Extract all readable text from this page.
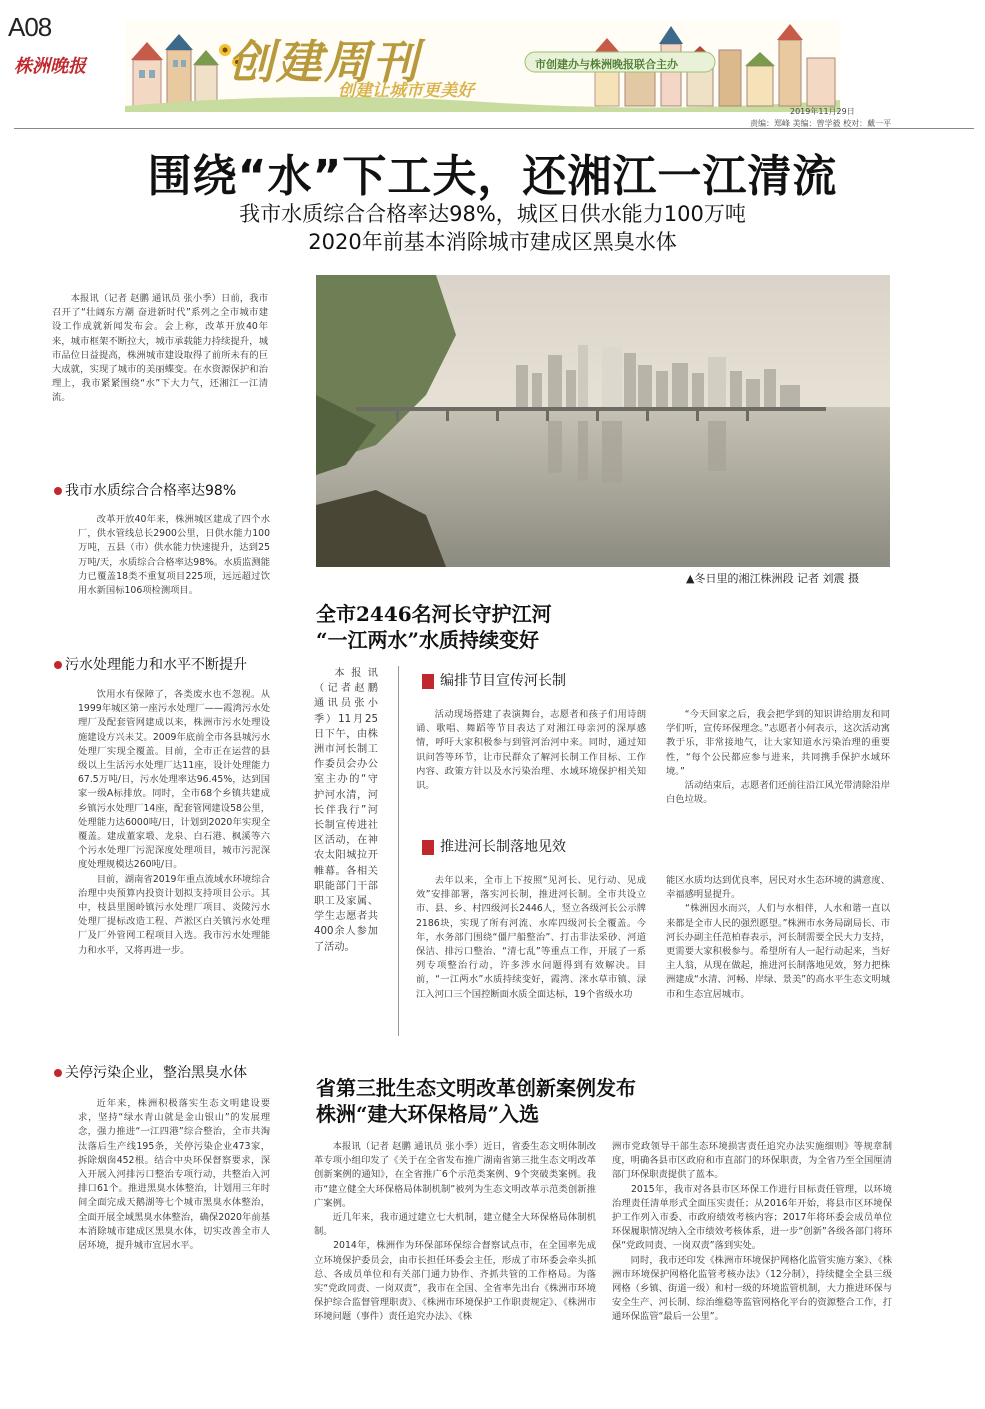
A08
株洲晚报	创建周刊
创建让城市更美好
市创建办与株洲晚报联合主办
2019年11月29日
责编：郑峰 美编：曾学毅 校对：戴一平
围绕“水”下工夫，还湘江一江清流
我市水质综合合格率达98%，城区日供水能力100万吨
2020年前基本消除城市建成区黑臭水体
本报讯（记者 赵鹏 通讯员 张小季）日前，我市召开了“壮阔东方潮 奋进新时代”系列之全市城市建设工作成就新闻发布会。会上称，改革开放40年来，城市框架不断拉大，城市承载能力持续提升，城市品位日益提高，株洲城市建设取得了前所未有的巨大成就，实现了城市的美丽蝶变。在水资源保护和治理上，我市紧紧围绕“水”下大力气，还湘江一江清流。
我市水质综合合格率达98%
改革开放40年来，株洲城区建成了四个水厂，供水管线总长2900公里，日供水能力100万吨，五县（市）供水能力快速提升，达到25万吨/天，水质综合合格率达98%。水质监测能力已覆盖18类不重复项目225项，远远超过饮用水新国标106项检测项目。
污水处理能力和水平不断提升
饮用水有保障了，各类废水也不忽视。从1999年城区第一座污水处理厂——霞湾污水处理厂及配套管网建成以来，株洲市污水处理设施建设方兴未艾。2009年底前全市各县城污水处理厂实现全覆盖。目前，全市正在运营的县级以上生活污水处理厂达11座，设计处理能力67.5万吨/日，污水处理率达96.45%，达到国家一级A标排放。同时，全市68个乡镇共建成乡镇污水处理厂14座，配套管网建设58公里，处理能力达6000吨/日，计划到2020年实现全覆盖。建成董家塅、龙泉、白石港、枫溪等六个污水处理厂污泥深度处理项目，城市污泥深度处理规模达260吨/日。
　　目前，湖南省2019年重点流域水环境综合治理中央预算内投资计划拟支持项目公示。其中，枝县里图岭镇污水处理厂项目、炎陵污水处理厂提标改造工程、芦淞区白关镇污水处理厂及厂外管网工程项目入选。我市污水处理能力和水平，又将再进一步。
关停污染企业，整治黑臭水体
近年来，株洲积极落实生态文明建设要求，坚持“绿水青山就是金山银山”的发展理念，强力推进“一江四港”综合整治，全市共淘汰落后生产线195条，关停污染企业473家，拆除烟囱452根。结合中央环保督察要求，深入开展入河排污口整治专项行动，共整治入河排口61个。推进黑臭水体整治，计划用三年时间全面完成天鹅湖等七个城市黑臭水体整治，全面开展全域黑臭水体整治，确保2020年前基本消除城市建成区黑臭水体，切实改善全市人居环境，提升城市宜居水平。
▲冬日里的湘江株洲段 记者 刘震 摄
全市2446名河长守护江河
“一江两水”水质持续变好
本报讯（记者赵鹏 通讯员张小季）11月25日下午，由株洲市河长制工作委员会办公室主办的“守护河水清，河长伴我行”河长制宣传进社区活动，在神农太阳城拉开帷幕。各相关职能部门干部职工及家属、学生志愿者共400余人参加了活动。
编排节目宣传河长制
活动现场搭建了表演舞台，志愿者和孩子们用诗朗诵、歌唱、舞蹈等节目表达了对湘江母亲河的深厚感情，呼吁大家积极参与到管河治河中来。同时，通过知识问答等环节，让市民群众了解河长制工作目标、工作内容、政策方针以及水污染治理、水域环境保护相关知识。
“今天回家之后，我会把学到的知识讲给朋友和同学们听，宣传环保理念。”志愿者小何表示，这次活动寓教于乐，非常接地气，让大家知道水污染治理的重要性，“每个公民都应参与进来，共同携手保护水域环境。”
　　活动结束后，志愿者们还前往沿江风光带清除沿岸白色垃圾。
推进河长制落地见效
去年以来，全市上下按照“见河长、见行动、见成效”安排部署，落实河长制，推进河长制。全市共设立市、县、乡、村四级河长2446人，竖立各级河长公示牌2186块，实现了所有河流、水库四级河长全覆盖。今年，水务部门围绕“僵尸船整治”、打击非法采砂、河道保洁、排污口整治、“清七乱”等重点工作，开展了一系列专项整治行动，许多涉水问题得到有效解决。目前，“一江两水”水质持续变好，霞湾、洣水草市镇、渌江入河口三个国控断面水质全面达标，19个省级水功
能区水质均达到优良率，居民对水生态环境的满意度、幸福感明显提升。
　　“株洲因水而兴，人们与水相伴，人水和谐一直以来都是全市人民的强烈愿望。”株洲市水务局副局长、市河长办副主任范柏春表示，河长制需要全民大力支持，更需要大家积极参与。希望所有人一起行动起来，当好主人翁，从现在做起，推进河长制落地见效，努力把株洲建成“水清、河畅、岸绿、景美”的高水平生态文明城市和生态宜居城市。
省第三批生态文明改革创新案例发布
株洲“建大环保格局”入选
本报讯（记者 赵鹏 通讯员 张小季）近日，省委生态文明体制改革专项小组印发了《关于在全省发布推广湖南省第三批生态文明改革创新案例的通知》，在全省推广6个示范类案例、9个突破类案例。我市“建立健全大环保格局体制机制”被列为生态文明改革示范类创新推广案例。
　　近几年来，我市通过建立七大机制，建立健全大环保格局体制机制。
　　2014年，株洲作为环保部环保综合督察试点市，在全国率先成立环境保护委员会，由市长担任环委会主任，形成了市环委会牵头抓总、各成员单位和有关部门通力协作、齐抓共管的工作格局。为落实“党政同责、一岗双责”，我市在全国、全省率先出台《株洲市环境保护综合监督管理职责》、《株洲市环境保护工作职责规定》、《株洲市环境问题（事件）责任追究办法》、《株
洲市党政领导干部生态环境损害责任追究办法实施细则》等规章制度，明确各县市区政府和市直部门的环保职责，为全省乃至全国厘清部门环保职责提供了蓝本。
　　2015年，我市对各县市区环保工作进行目标责任管理，以环境治理责任清单形式全面压实责任；从2016年开始，将县市区环境保护工作列入市委、市政府绩效考核内容；2017年将环委会成员单位环保履职情况纳入全市绩效考核体系，进一步“创新”各级各部门将环保“党政同责、一岗双责”落到实处。
　　同时，我市还印发《株洲市环境保护网格化监管实施方案》、《株洲市环境保护网格化监管考核办法》（12分制），持续健全全县三级网格（乡镇、街道一级）和村一级的环境监管机制，大力推进环保与安全生产、河长制、综治维稳等监管网格化平台的资源整合工作，打通环保监管“最后一公里”。
